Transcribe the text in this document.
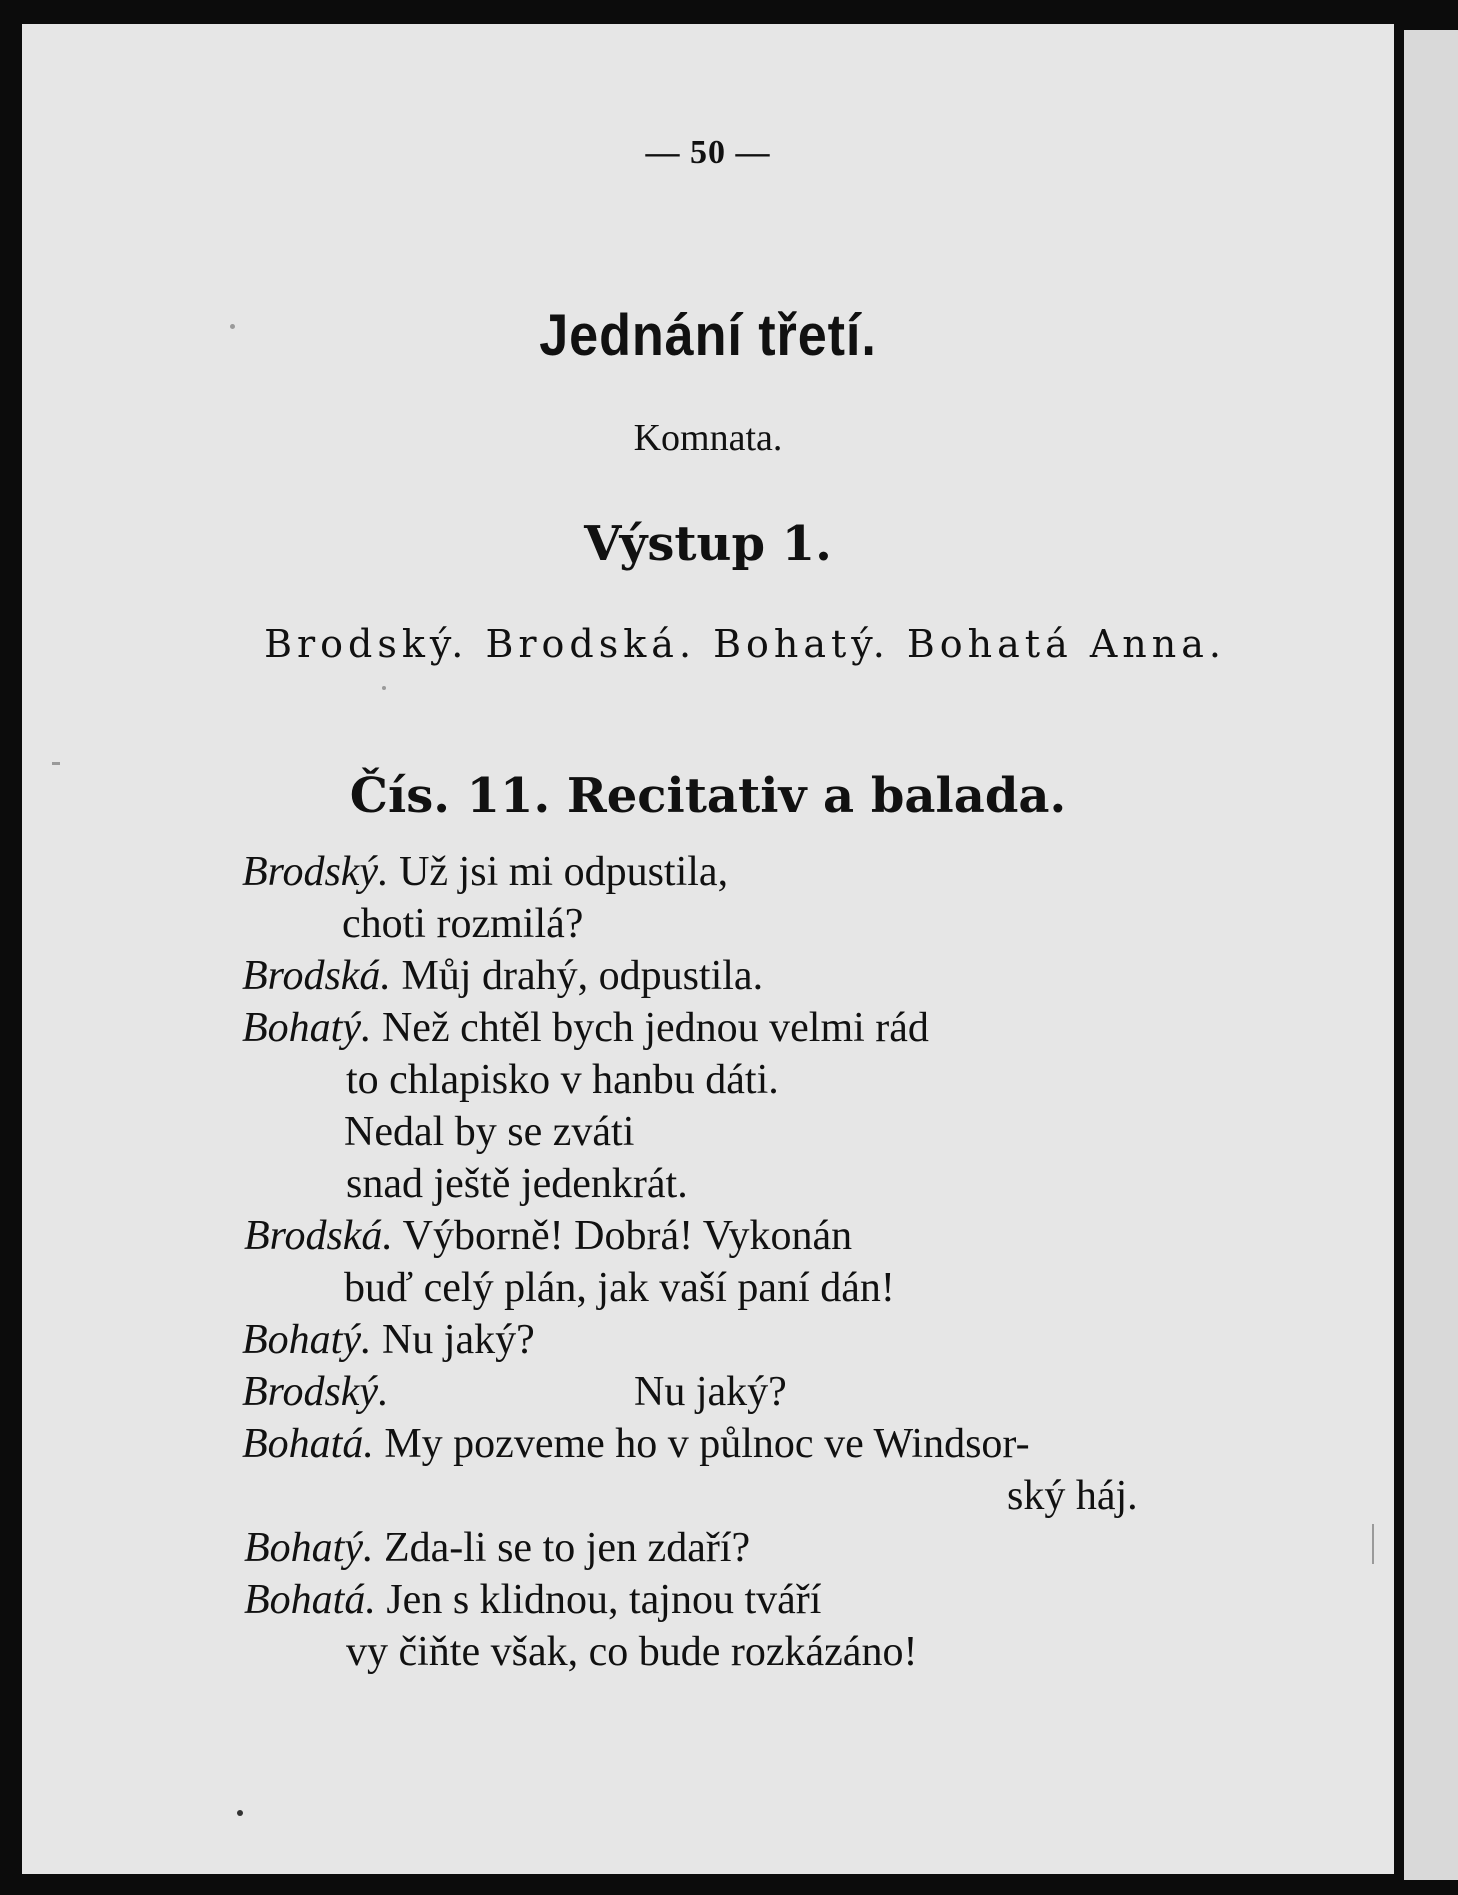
— 50 —
Jednání třetí.
Komnata.
Výstup 1.
Brodský. Brodská. Bohatý. Bohatá Anna.
Čís. 11. Recitativ a balada.
Brodský. Už jsi mi odpustila,
choti rozmilá?
Brodská. Můj drahý, odpustila.
Bohatý. Než chtěl bych jednou velmi rád
to chlapisko v hanbu dáti.
Nedal by se zváti
snad ještě jedenkrát.
Brodská. Výborně! Dobrá! Vykonán
buď celý plán, jak vaší paní dán!
Bohatý. Nu jaký?
Brodský.	Nu jaký?
Bohatá. My pozveme ho v půlnoc ve Windsor-
ský háj.
Bohatý. Zda-li se to jen zdaří?
Bohatá. Jen s klidnou, tajnou tváří
vy čiňte však, co bude rozkázáno!
